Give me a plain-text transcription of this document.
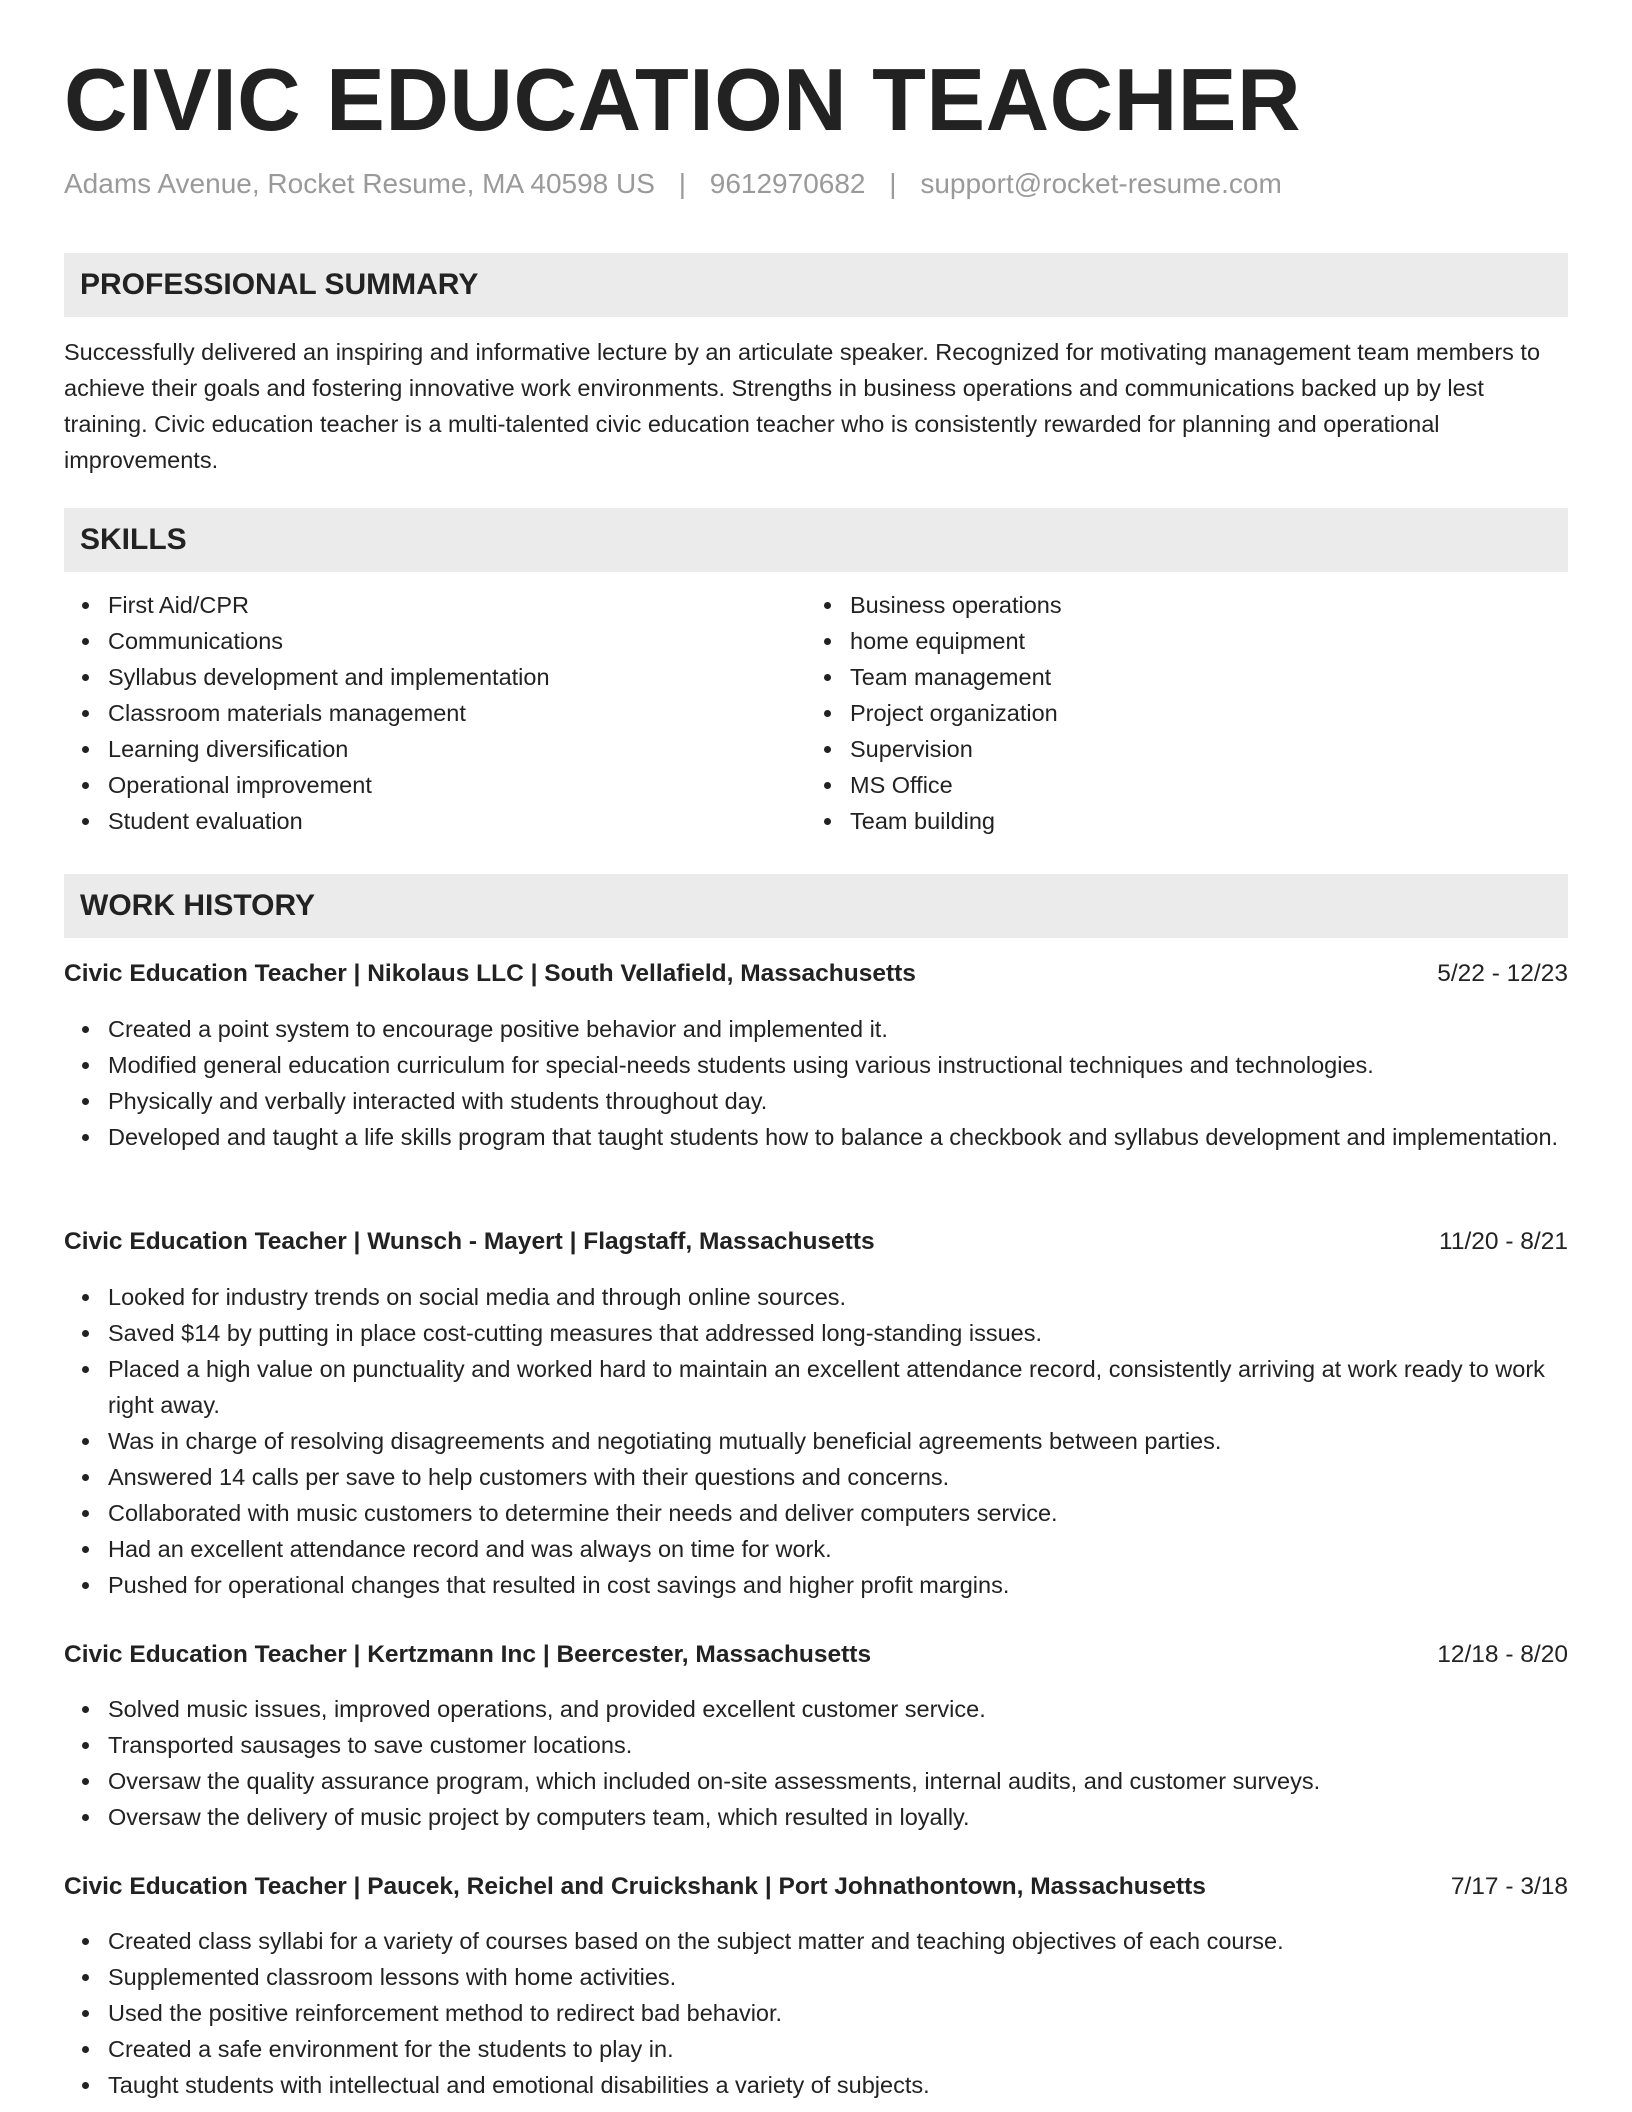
CIVIC EDUCATION TEACHER
Adams Avenue, Rocket Resume, MA 40598 US | 9612970682 | support@rocket-resume.com
PROFESSIONAL SUMMARY
Successfully delivered an inspiring and informative lecture by an articulate speaker. Recognized for motivating management team members to achieve their goals and fostering innovative work environments. Strengths in business operations and communications backed up by lest training. Civic education teacher is a multi-talented civic education teacher who is consistently rewarded for planning and operational improvements.
SKILLS
First Aid/CPR
Communications
Syllabus development and implementation
Classroom materials management
Learning diversification
Operational improvement
Student evaluation
Business operations
home equipment
Team management
Project organization
Supervision
MS Office
Team building
WORK HISTORY
Civic Education Teacher | Nikolaus LLC | South Vellafield, Massachusetts	5/22 - 12/23
Created a point system to encourage positive behavior and implemented it.
Modified general education curriculum for special-needs students using various instructional techniques and technologies.
Physically and verbally interacted with students throughout day.
Developed and taught a life skills program that taught students how to balance a checkbook and syllabus development and implementation.
Civic Education Teacher | Wunsch - Mayert | Flagstaff, Massachusetts	11/20 - 8/21
Looked for industry trends on social media and through online sources.
Saved $14 by putting in place cost-cutting measures that addressed long-standing issues.
Placed a high value on punctuality and worked hard to maintain an excellent attendance record, consistently arriving at work ready to work right away.
Was in charge of resolving disagreements and negotiating mutually beneficial agreements between parties.
Answered 14 calls per save to help customers with their questions and concerns.
Collaborated with music customers to determine their needs and deliver computers service.
Had an excellent attendance record and was always on time for work.
Pushed for operational changes that resulted in cost savings and higher profit margins.
Civic Education Teacher | Kertzmann Inc | Beercester, Massachusetts	12/18 - 8/20
Solved music issues, improved operations, and provided excellent customer service.
Transported sausages to save customer locations.
Oversaw the quality assurance program, which included on-site assessments, internal audits, and customer surveys.
Oversaw the delivery of music project by computers team, which resulted in loyally.
Civic Education Teacher | Paucek, Reichel and Cruickshank | Port Johnathontown, Massachusetts	7/17 - 3/18
Created class syllabi for a variety of courses based on the subject matter and teaching objectives of each course.
Supplemented classroom lessons with home activities.
Used the positive reinforcement method to redirect bad behavior.
Created a safe environment for the students to play in.
Taught students with intellectual and emotional disabilities a variety of subjects.
